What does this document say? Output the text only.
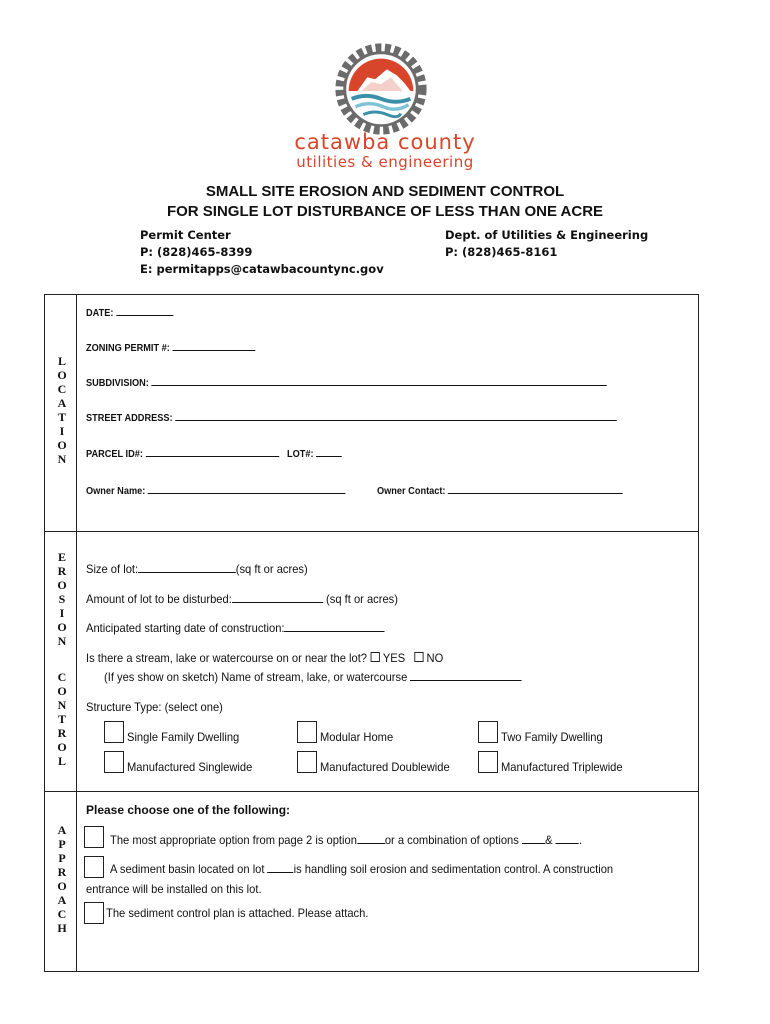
catawba county
utilities & engineering
SMALL SITE EROSION AND SEDIMENT CONTROL
FOR SINGLE LOT DISTURBANCE OF LESS THAN ONE ACRE
Permit Center
P: (828)465-8399
E: permitapps@catawbacountync.gov
Dept. of Utilities & Engineering
P: (828)465-8161
L
O
C
A
T
I
O
N
E
R
O
S
I
O
N
C
O
N
T
R
O
L
A
P
P
R
O
A
C
H
DATE:
ZONING PERMIT #:
SUBDIVISION:
STREET ADDRESS:
PARCEL ID#:	LOT#:
Owner Name:	Owner Contact:
Size of lot:	(sq ft or acres)
Amount of lot to be disturbed:	(sq ft or acres)
Anticipated starting date of construction:
Is there a stream, lake or watercourse on or near the lot? YES NO
(If yes show on sketch) Name of stream, lake, or watercourse
Structure Type: (select one)
Single Family Dwelling	Modular Home	Two Family Dwelling
Manufactured Singlewide	Manufactured Doublewide	Manufactured Triplewide
Please choose one of the following:
The most appropriate option from page 2 is option or a combination of options & .
A sediment basin located on lot is handling soil erosion and sedimentation control. A construction
entrance will be installed on this lot.
The sediment control plan is attached. Please attach.
